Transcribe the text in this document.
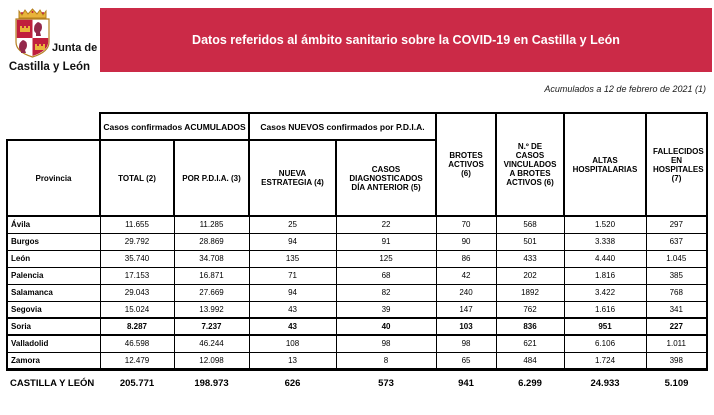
Junta de
Castilla y León
Datos referidos al ámbito sanitario sobre la COVID-19 en Castilla y León
Acumulados a 12 de febrero de 2021 (1)
	Casos confirmados ACUMULADOS		Casos NUEVOS confirmados por P.D.I.A.		BROTES ACTIVOS (6)	N.º DE CASOS VINCULADOS A BROTES ACTIVOS (6)	ALTAS HOSPITALARIAS	FALLECIDOS EN HOSPITALES (7)
Provincia	TOTAL (2)	POR P.D.I.A. (3)	NUEVA ESTRATEGIA (4)	CASOS DIAGNOSTICADOS DÍA ANTERIOR (5)				
Ávila	11.655	11.285	25	22	70	568	1.520	297
Burgos	29.792	28.869	94	91	90	501	3.338	637
León	35.740	34.708	135	125	86	433	4.440	1.045
Palencia	17.153	16.871	71	68	42	202	1.816	385
Salamanca	29.043	27.669	94	82	240	1892	3.422	768
Segovia	15.024	13.992	43	39	147	762	1.616	341
Soria	8.287	7.237	43	40	103	836	951	227
Valladolid	46.598	46.244	108	98	98	621	6.106	1.011
Zamora	12.479	12.098	13	8	65	484	1.724	398
CASTILLA Y LEÓN	205.771	198.973	626	573	941	6.299	24.933	5.109
